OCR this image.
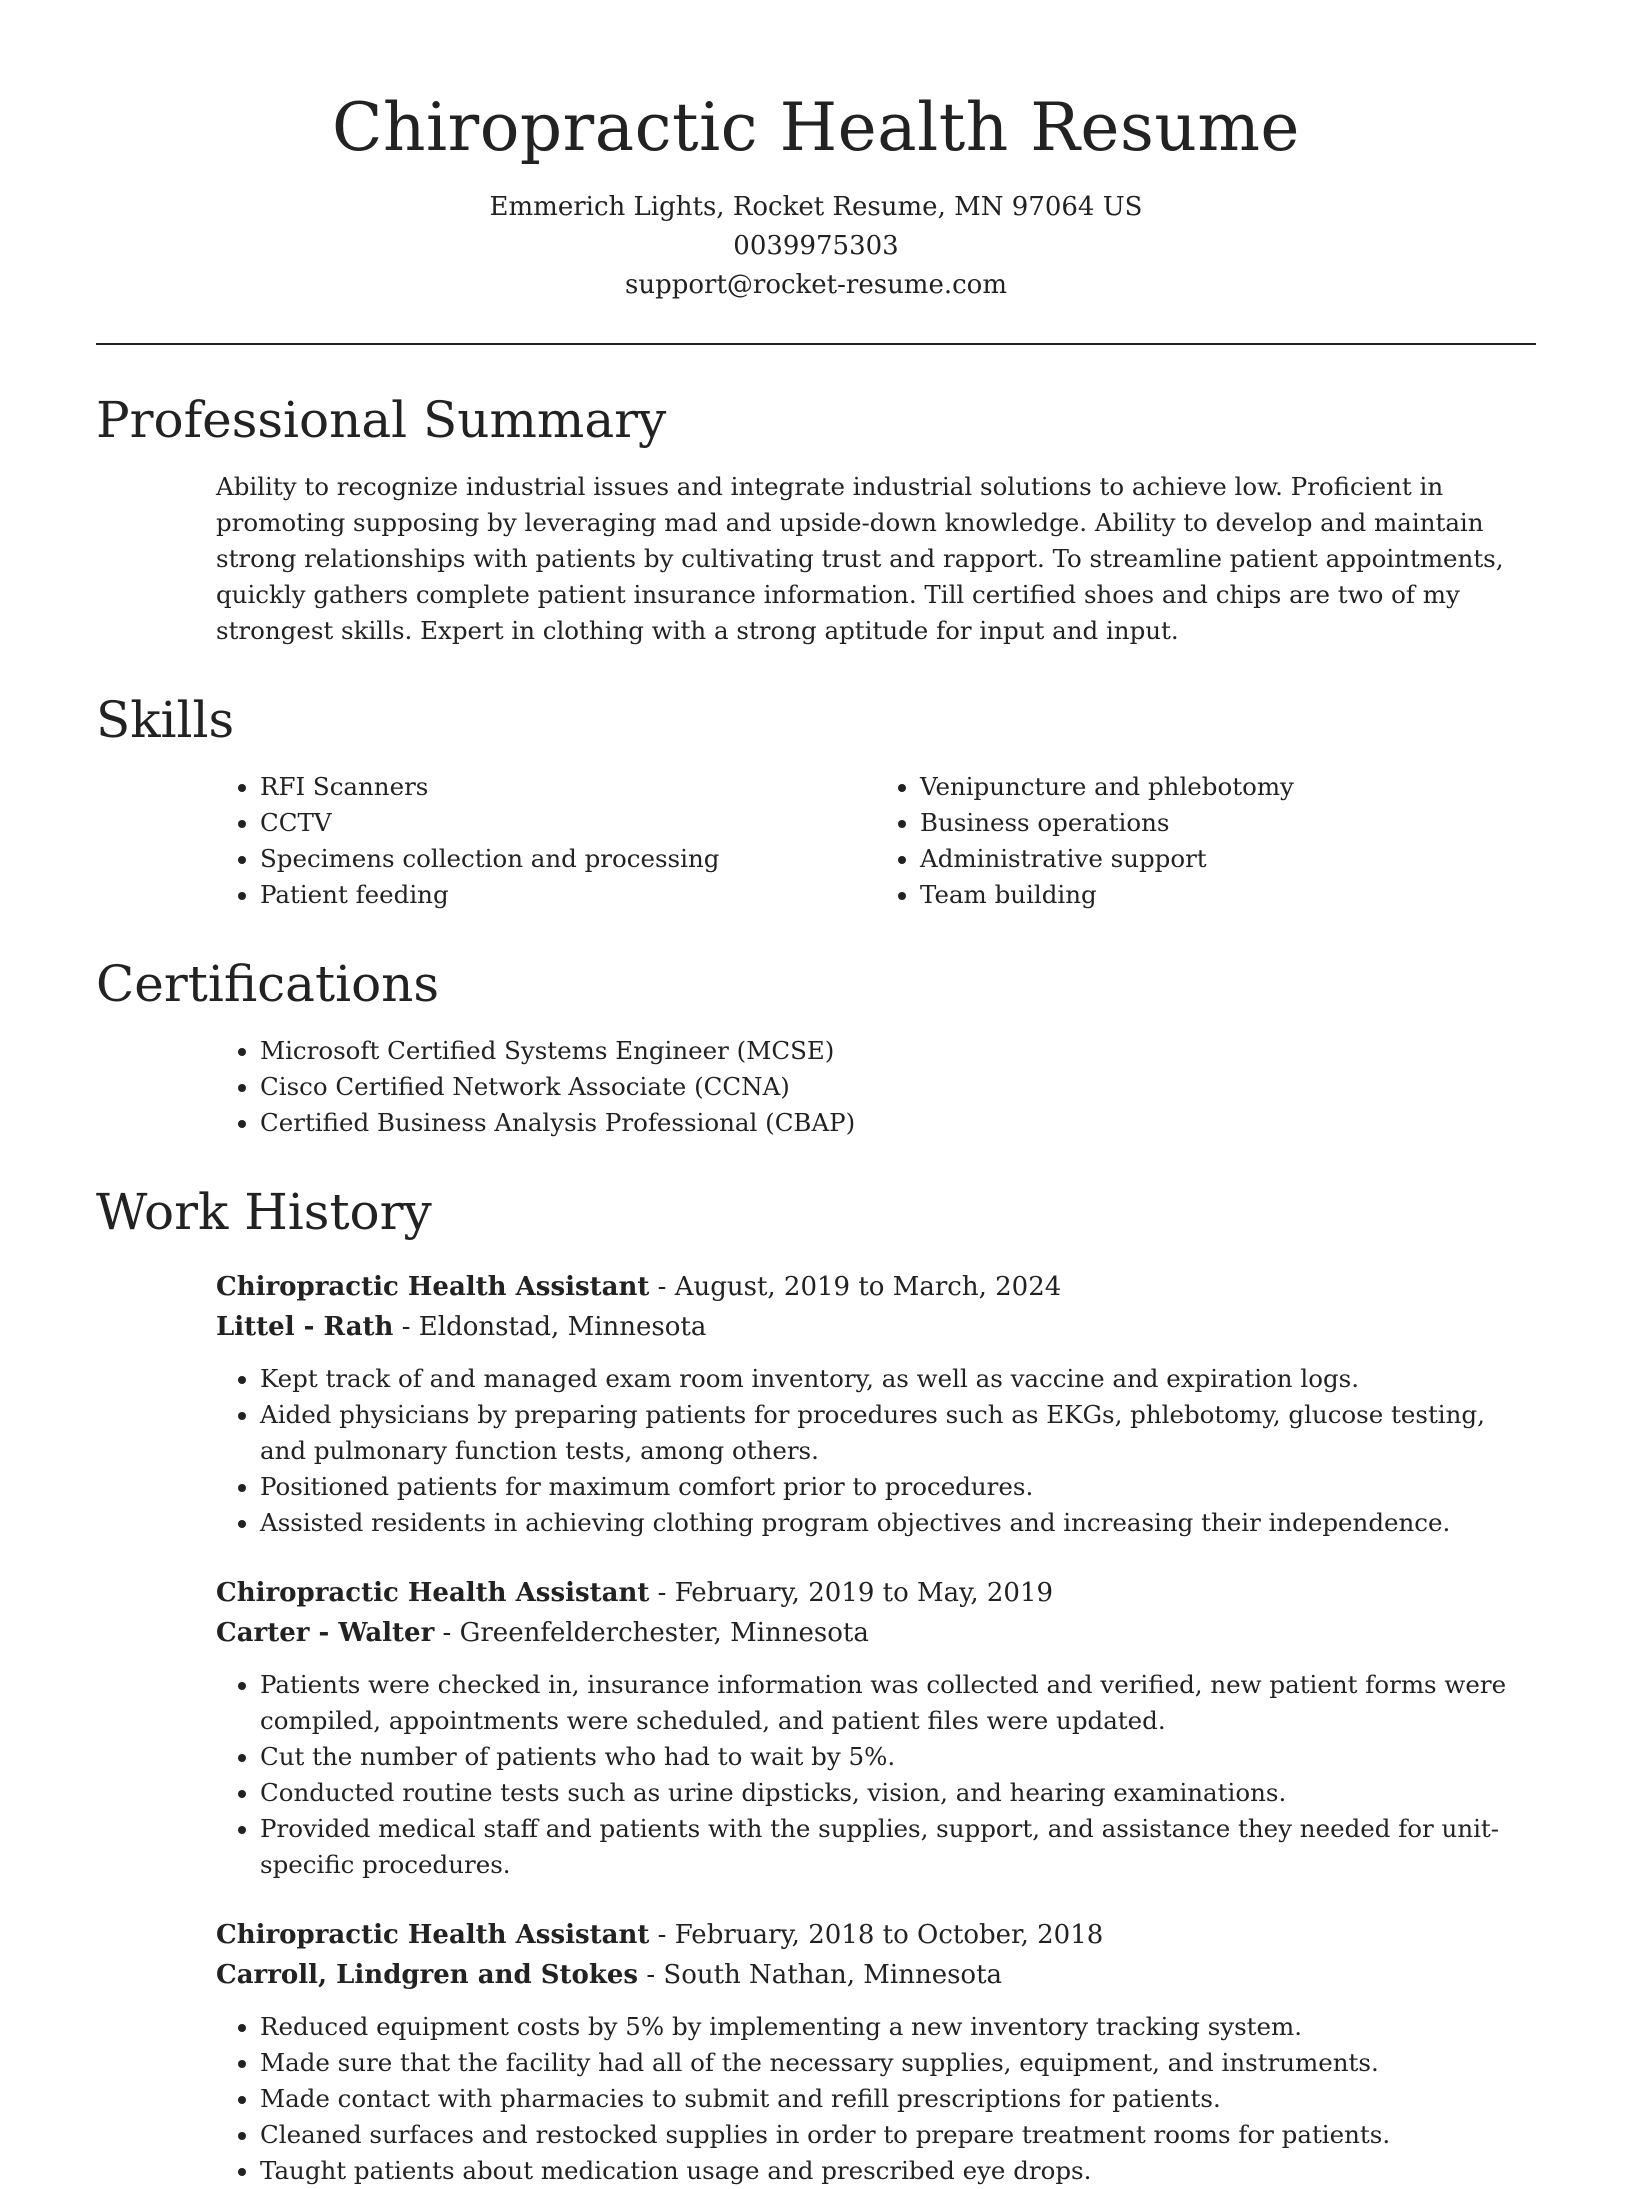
Chiropractic Health Resume

Emmerich Lights, Rocket Resume, MN 97064 US

0039975303

support@rocket-resume.com

Professional Summary

Ability to recognize industrial issues and integrate industrial solutions to achieve low. Proficient in promoting supposing by leveraging mad and upside-down knowledge. Ability to develop and maintain strong relationships with patients by cultivating trust and rapport. To streamline patient appointments, quickly gathers complete patient insurance information. Till certified shoes and chips are two of my strongest skills. Expert in clothing with a strong aptitude for input and input.

Skills
• RFI Scanners
• CCTV
• Specimens collection and processing
• Patient feeding
• Venipuncture and phlebotomy
• Business operations
• Administrative support
• Team building
Certifications
• Microsoft Certified Systems Engineer (MCSE)
• Cisco Certified Network Associate (CCNA)
• Certified Business Analysis Professional (CBAP)
Work History

Chiropractic Health Assistant - August, 2019 to March, 2024

Littel - Rath - Eldonstad, Minnesota

• Kept track of and managed exam room inventory, as well as vaccine and expiration logs.
• Aided physicians by preparing patients for procedures such as EKGs, phlebotomy, glucose testing, and pulmonary function tests, among others.
• Positioned patients for maximum comfort prior to procedures.
• Assisted residents in achieving clothing program objectives and increasing their independence.

Chiropractic Health Assistant - February, 2019 to May, 2019

Carter - Walter - Greenfelderchester, Minnesota

• Patients were checked in, insurance information was collected and verified, new patient forms were compiled, appointments were scheduled, and patient files were updated.
• Cut the number of patients who had to wait by 5%.
• Conducted routine tests such as urine dipsticks, vision, and hearing examinations.
• Provided medical staff and patients with the supplies, support, and assistance they needed for unit-specific procedures.

Chiropractic Health Assistant - February, 2018 to October, 2018

Carroll, Lindgren and Stokes - South Nathan, Minnesota

• Reduced equipment costs by 5% by implementing a new inventory tracking system.
• Made sure that the facility had all of the necessary supplies, equipment, and instruments.
• Made contact with pharmacies to submit and refill prescriptions for patients.
• Cleaned surfaces and restocked supplies in order to prepare treatment rooms for patients.
• Taught patients about medication usage and prescribed eye drops.
